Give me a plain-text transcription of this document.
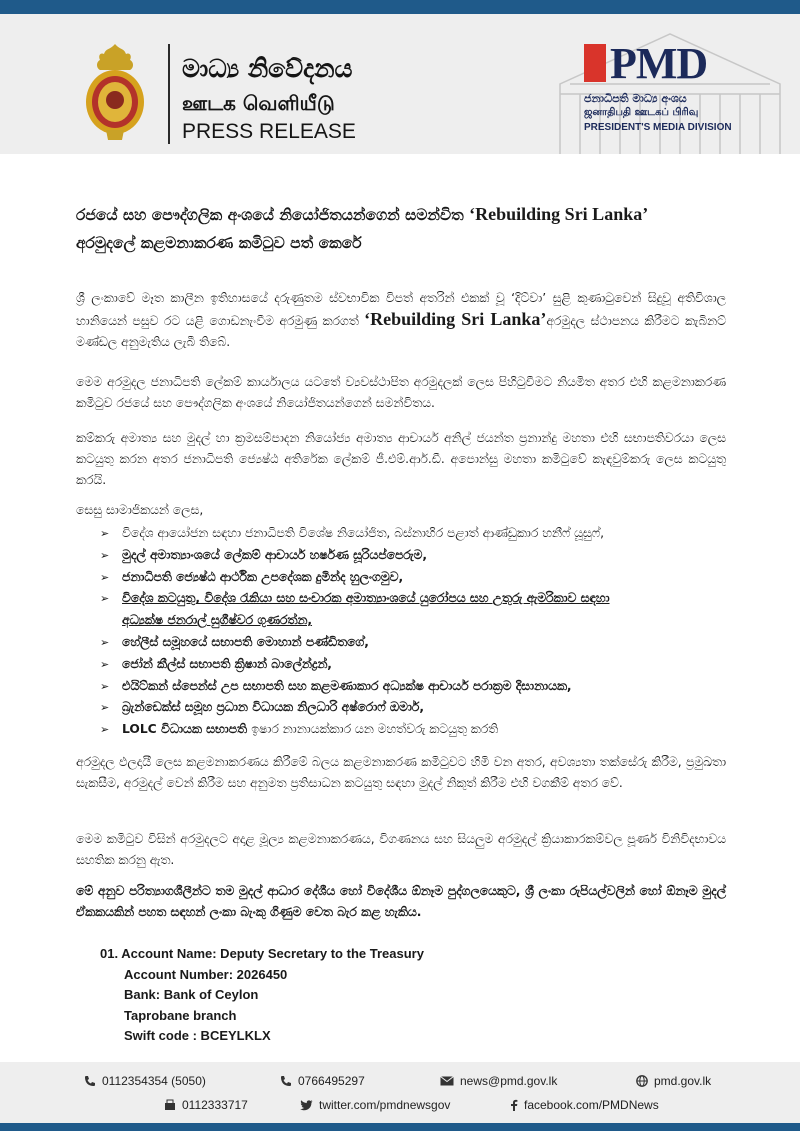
මාධ්‍ය නිවේදනය
ஊடக வெளியீடு
PRESS RELEASE
PMD
ජනාධිපති මාධ්‍ය අංශය
ஜனாதிபதி ஊடகப் பிரிவு
PRESIDENT'S MEDIA DIVISION
රජයේ සහ පෞද්ගලික අංශයේ නියෝජිතයන්ගෙන් සමන්විත ‘Rebuilding Sri Lanka’
අරමුදලේ කළමනාකරණ කමිටුව පත් කෙරේ
ශ්‍රී ලංකාවේ මෑත කාලීන ඉතිහාසයේ දරුණුතම ස්වභාවික විපත් අතරින් එකක් වූ ‘දිට්වා’ සුළි කුණාටුවෙන් සිදුවූ අතිවිශාල හානියෙන් පසුව රට යළි ගොඩනැංවීම අරමුණු කරගත් ‘Rebuilding Sri Lanka’අරමුදල ස්ථාපනය කිරීමට කැබිනට් මණ්ඩල අනුමැතිය ලැබී තිබේ.
මෙම අරමුදල ජනාධිපති ලේකම් කාර්යාලය යටතේ ව්‍යවස්ථාපිත අරමුදලක් ලෙස පිහිටුවීමට නියමිත අතර එහි කළමනාකරණ කමිටුව රජයේ සහ පෞද්ගලික අංශයේ නියෝජිතයන්ගෙන් සමන්විතය.
කම්කරු අමාත්‍ය සහ මුදල් හා ක්‍රමසම්පාදන නියෝජ්‍ය අමාත්‍ය ආචාර්ය අනිල් ජයන්ත ප්‍රනාන්දු මහතා එහි සභාපතිවරයා ලෙස කටයුතු කරන අතර ජනාධිපති ජ්‍යෙෂ්ඨ අතිරේක ලේකම් ජී.එම්.ආර්.ඩී. අපොන්සු මහතා කමිටුවේ කැඳවුම්කරු ලෙස කටයුතු කරයි.
සෙසු සාමාජිකයන් ලෙස,
➢ විදේශ ආයෝජන සඳහා ජනාධිපති විශේෂ නියෝජිත, බස්නාහිර පළාත් ආණ්ඩුකාර හනීෆ් යූසුෆ්,
➢ මුදල් අමාත්‍යාංශයේ ලේකම් ආචාර්ය හර්ෂණ සූරියප්පෙරුම,
➢ ජනාධිපති ජ්‍යෙෂ්ඨ ආර්ථික උපදේශක දුමින්ද හුලංගමුව,
➢ විදේශ කටයුතු, විදේශ රැකියා සහ සංචාරක අමාත්‍යාංශයේ යුරෝපය සහ උතුරු ඇමරිකාව සඳහා
අධ්‍යක්ෂ ජනරාල් සුගීෂ්වර ගුණරත්න,
➢ හේලීස් සමූහයේ සභාපති මොහාන් පණ්ඩිතගේ,
➢ ජෝන් කීල්ස් සභාපති ක්‍රිෂාන් බාලේන්ද්‍රන්,
➢ එයිට්කන් ස්පෙන්ස් උප සභාපති සහ කළමණාකාර අධ්‍යක්ෂ ආචාර්ය පරාක්‍රම දිසානායක,
➢ බ්‍රැන්ඩෙක්ස් සමූහ ප්‍රධාන විධායක නිලධාරි අෂ්රොෆ් ඔමාර්,
➢ LOLC විධායක සභාපති ඉෂාර නානායක්කාර යන මහත්වරු කටයුතු කරති
අරමුදල ඵලදායී ලෙස කළමනාකරණය කිරීමේ බලය කළමනාකරණ කමිටුවට හිමි වන අතර, අවශ්‍යතා තක්සේරු කිරීම, ප්‍රමුඛතා සැකසීම, අරමුදල් වෙන් කිරීම සහ අනුමත ප්‍රතිසාධන කටයුතු සඳහා මුදල් නිකුත් කිරීම එහි වගකීම් අතර වේ.
මෙම කමිටුව විසින් අරමුදලට අදාළ මූල්‍ය කළමනාකරණය, විගණනය සහ සියලුම අරමුදල් ක්‍රියාකාරකම්වල පූර්ණ විනිවිදභාවය සහතික කරනු ඇත.
මේ අනුව පරිත්‍යාගශීලීන්ට තම මුදල් ආධාර දේශීය හෝ විදේශීය ඕනෑම පුද්ගලයෙකුට, ශ්‍රී ලංකා රුපියල්වලින් හෝ ඕනෑම මුදල් ඒකකයකින් පහත සඳහන් ලංකා බැංකු ගිණුම වෙත බැර කළ හැකිය.
01. Account Name: Deputy Secretary to the Treasury
Account Number: 2026450
Bank: Bank of Ceylon
Taprobane branch
Swift code : BCEYLKLX
0112354354 (5050)	0766495297	news@pmd.gov.lk	pmd.gov.lk
0112333717	twitter.com/pmdnewsgov	facebook.com/PMDNews
